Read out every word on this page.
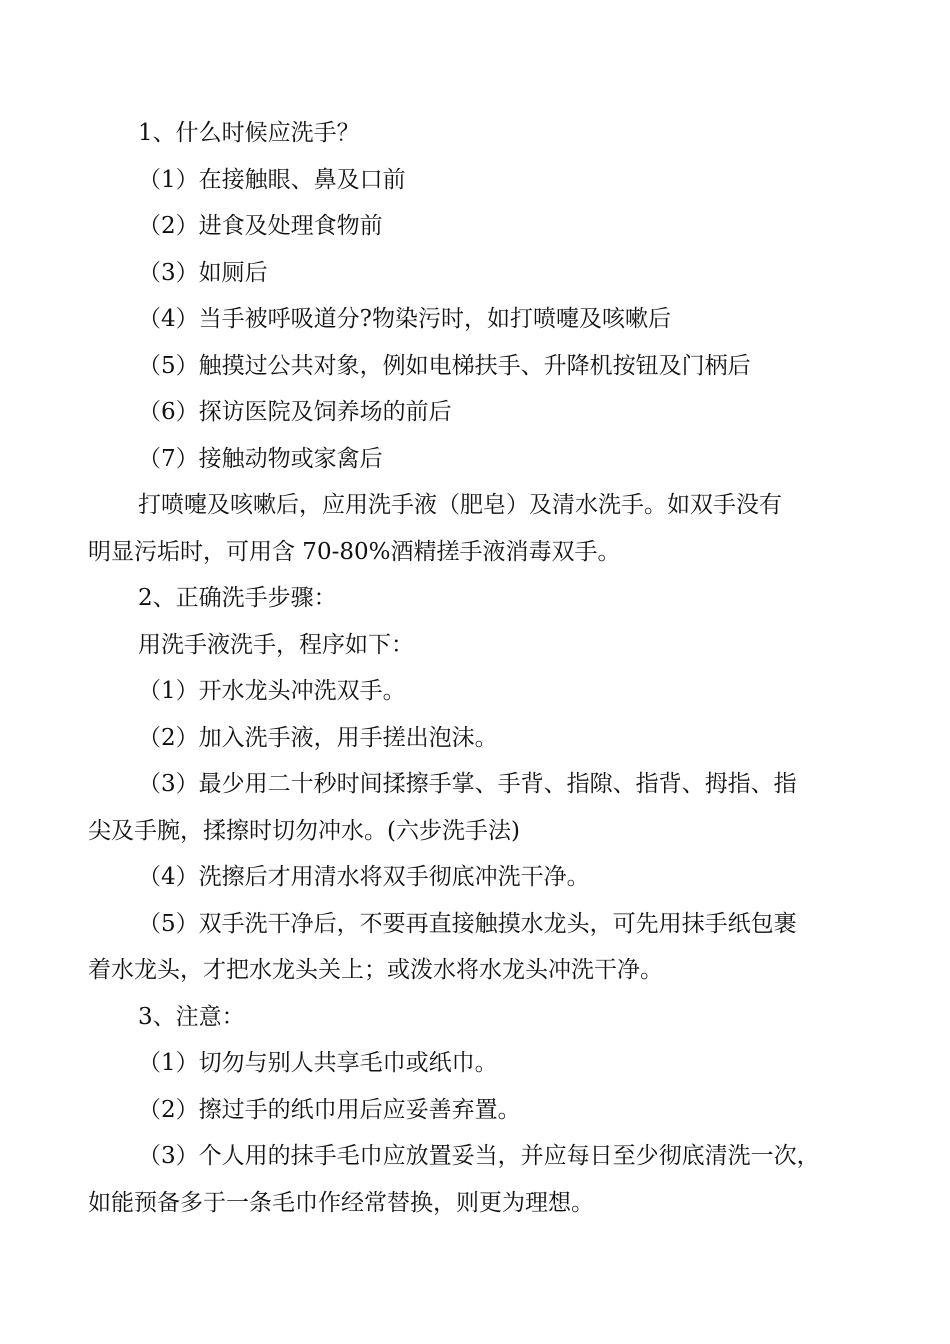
1、什么时候应洗手？

（1）在接触眼、鼻及口前

（2）进食及处理食物前

（3）如厕后

（4）当手被呼吸道分?物染污时，如打喷嚏及咳嗽后

（5）触摸过公共对象，例如电梯扶手、升降机按钮及门柄后

（6）探访医院及饲养场的前后

（7）接触动物或家禽后

打喷嚏及咳嗽后，应用洗手液（肥皂）及清水洗手。如双手没有

明显污垢时，可用含 70-80%酒精搓手液消毒双手。

2、正确洗手步骤：

用洗手液洗手，程序如下：

（1）开水龙头冲洗双手。

（2）加入洗手液，用手搓出泡沫。

（3）最少用二十秒时间揉擦手掌、手背、指隙、指背、拇指、指

尖及手腕，揉擦时切勿冲水。(六步洗手法)

（4）洗擦后才用清水将双手彻底冲洗干净。

（5）双手洗干净后，不要再直接触摸水龙头，可先用抹手纸包裹

着水龙头，才把水龙头关上；或泼水将水龙头冲洗干净。

3、注意：

（1）切勿与别人共享毛巾或纸巾。

（2）擦过手的纸巾用后应妥善弃置。

（3）个人用的抹手毛巾应放置妥当，并应每日至少彻底清洗一次，

如能预备多于一条毛巾作经常替换，则更为理想。
